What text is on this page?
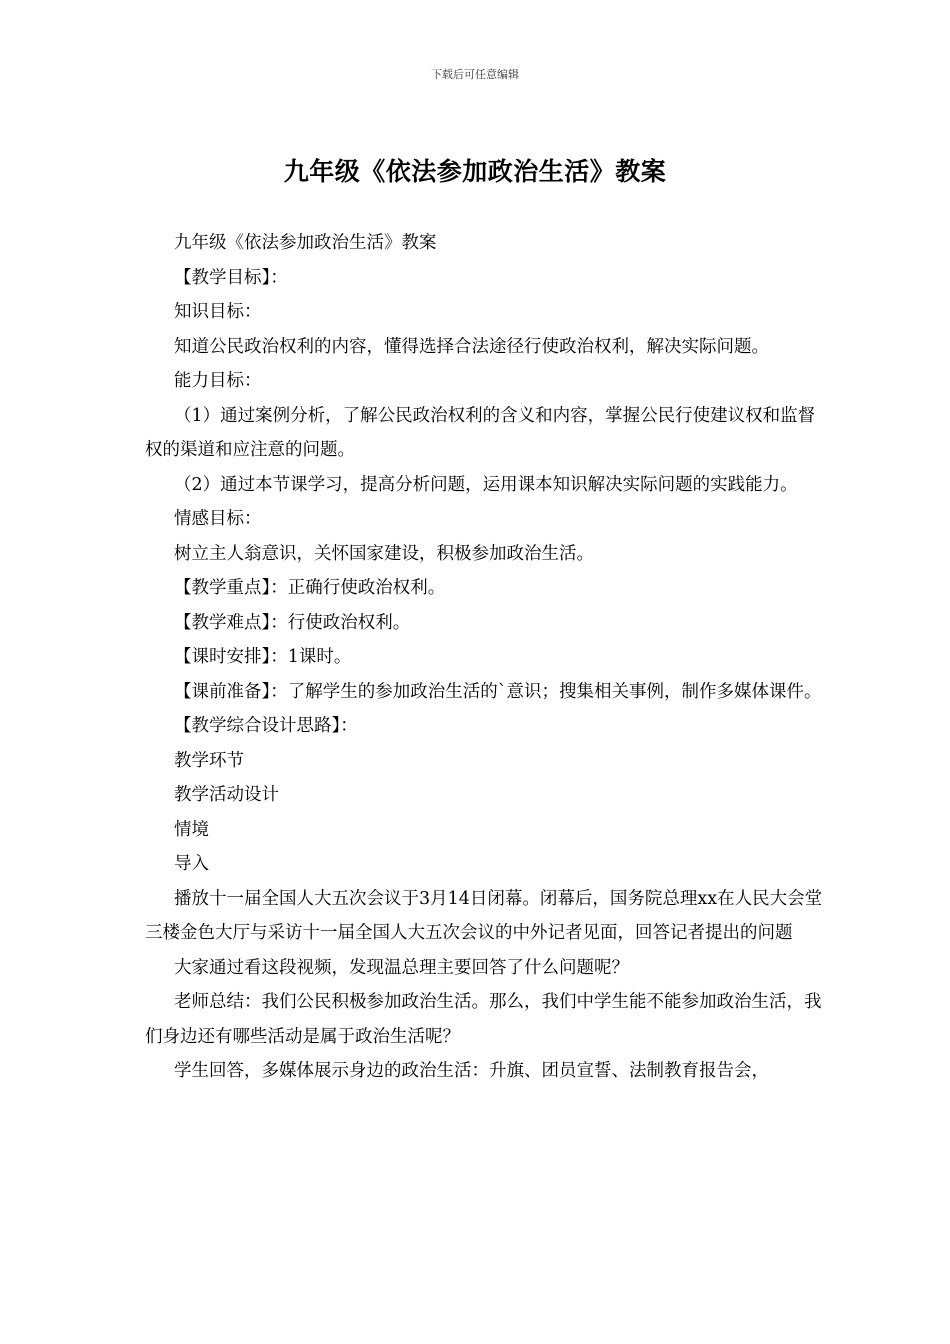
下载后可任意编辑
九年级《依法参加政治生活》教案

九年级《依法参加政治生活》教案

【教学目标】：

知识目标：

知道公民政治权利的内容，懂得选择合法途径行使政治权利，解决实际问题。

能力目标：

（1）通过案例分析，了解公民政治权利的含义和内容，掌握公民行使建议权和监督权的渠道和应注意的问题。

（2）通过本节课学习，提高分析问题，运用课本知识解决实际问题的实践能力。

情感目标：

树立主人翁意识，关怀国家建设，积极参加政治生活。

【教学重点】：正确行使政治权利。

【教学难点】：行使政治权利。

【课时安排】：1课时。

【课前准备】：了解学生的参加政治生活的`意识；搜集相关事例，制作多媒体课件。

【教学综合设计思路】：

教学环节

教学活动设计

情境

导入

播放十一届全国人大五次会议于3月14日闭幕。闭幕后，国务院总理xx在人民大会堂三楼金色大厅与采访十一届全国人大五次会议的中外记者见面，回答记者提出的问题

大家通过看这段视频，发现温总理主要回答了什么问题呢？

老师总结：我们公民积极参加政治生活。那么，我们中学生能不能参加政治生活，我们身边还有哪些活动是属于政治生活呢？

学生回答，多媒体展示身边的政治生活：升旗、团员宣誓、法制教育报告会，
